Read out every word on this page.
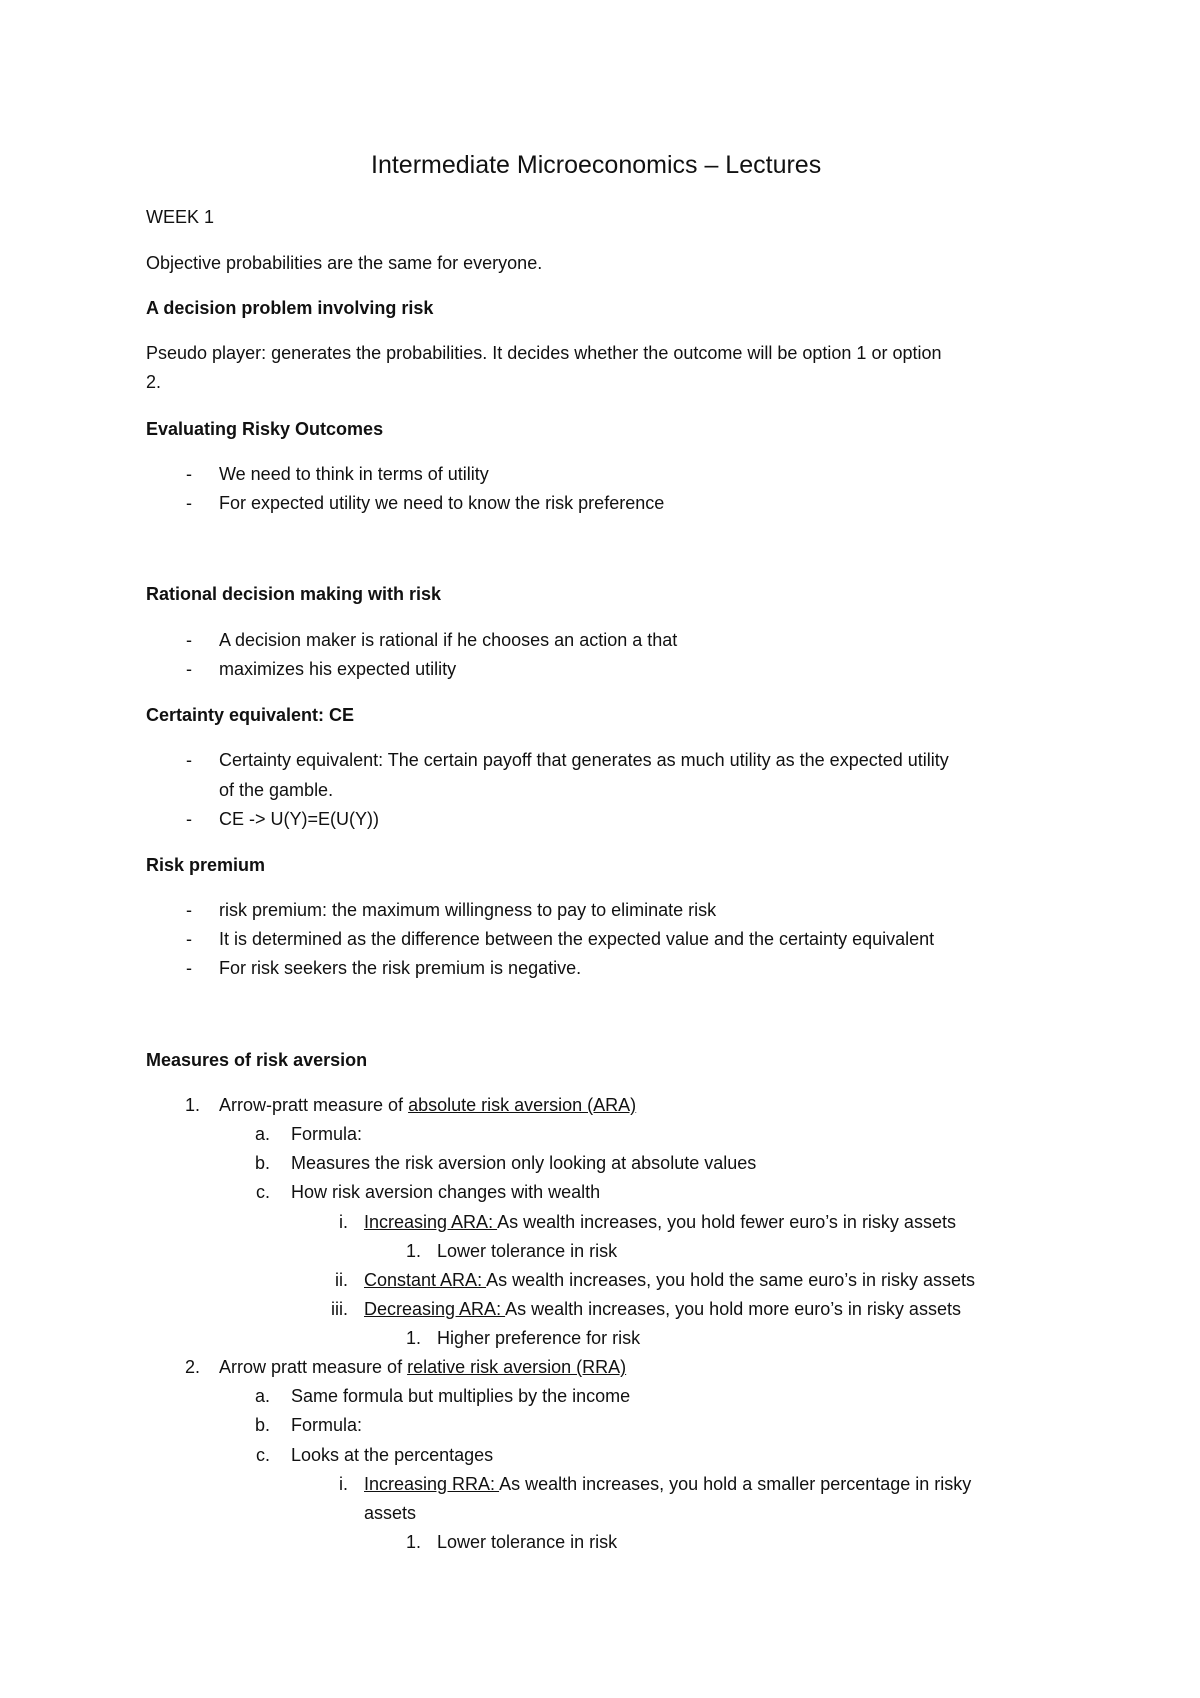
Intermediate Microeconomics – Lectures
WEEK 1
Objective probabilities are the same for everyone.
A decision problem involving risk
Pseudo player: generates the probabilities. It decides whether the outcome will be option 1 or option
2.
Evaluating Risky Outcomes
- We need to think in terms of utility
- For expected utility we need to know the risk preference
Rational decision making with risk
- A decision maker is rational if he chooses an action a that
- maximizes his expected utility
Certainty equivalent: CE
- Certainty equivalent: The certain payoff that generates as much utility as the expected utility
of the gamble.
- CE -> U(Y)=E(U(Y))
Risk premium
- risk premium: the maximum willingness to pay to eliminate risk
- It is determined as the difference between the expected value and the certainty equivalent
- For risk seekers the risk premium is negative.
Measures of risk aversion
1. Arrow-pratt measure of absolute risk aversion (ARA)
a. Formula:
b. Measures the risk aversion only looking at absolute values
c. How risk aversion changes with wealth
i. Increasing ARA: As wealth increases, you hold fewer euro’s in risky assets
1. Lower tolerance in risk
ii. Constant ARA: As wealth increases, you hold the same euro’s in risky assets
iii. Decreasing ARA: As wealth increases, you hold more euro’s in risky assets
1. Higher preference for risk
2. Arrow pratt measure of relative risk aversion (RRA)
a. Same formula but multiplies by the income
b. Formula:
c. Looks at the percentages
i. Increasing RRA: As wealth increases, you hold a smaller percentage in risky
assets
1. Lower tolerance in risk
